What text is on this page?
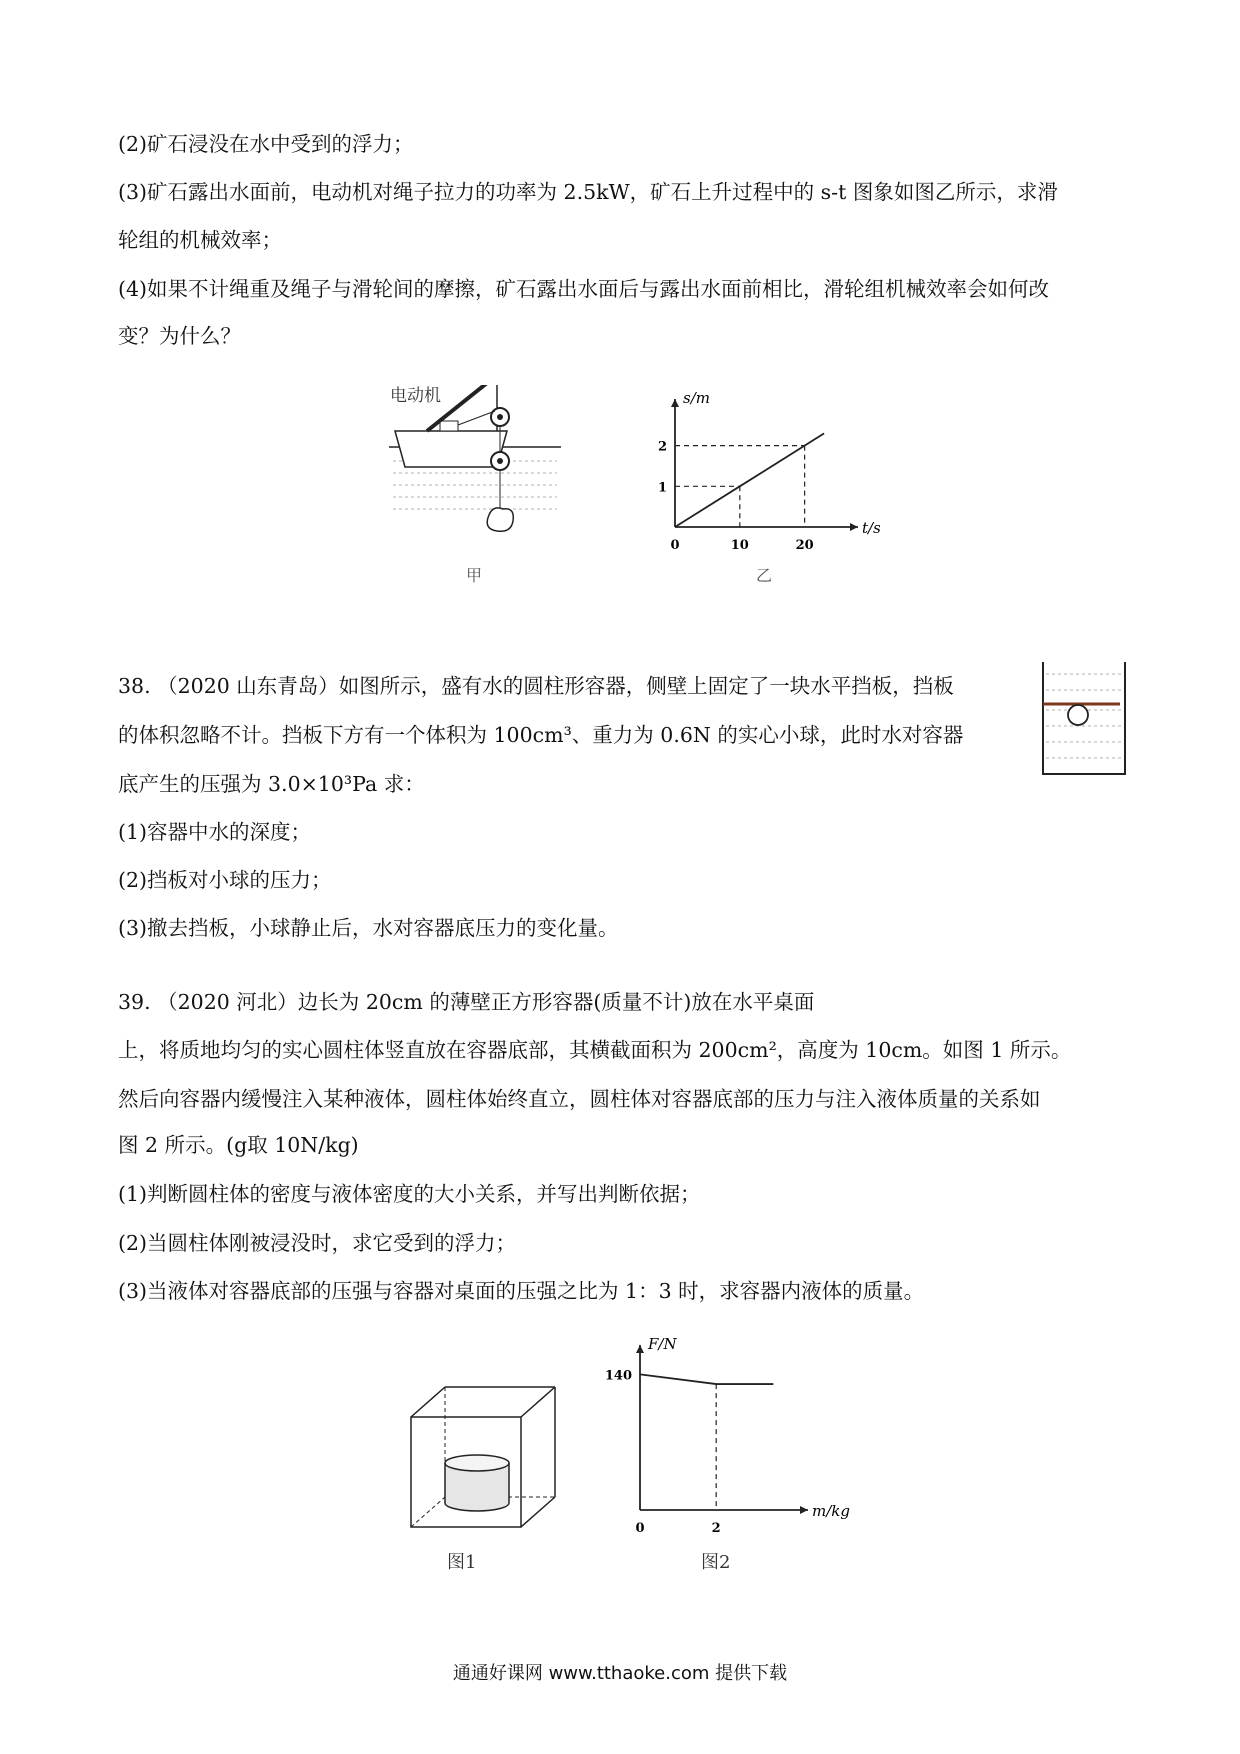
(2)矿石浸没在水中受到的浮力；
(3)矿石露出水面前，电动机对绳子拉力的功率为 2.5kW，矿石上升过程中的 s-t 图象如图乙所示，求滑
轮组的机械效率；
(4)如果不计绳重及绳子与滑轮间的摩擦，矿石露出水面后与露出水面前相比，滑轮组机械效率会如何改
变？为什么？
电动机
甲
s/m
t/s
0	10	20
1
2
乙
38. （2020 山东青岛）如图所示，盛有水的圆柱形容器，侧壁上固定了一块水平挡板，挡板
的体积忽略不计。挡板下方有一个体积为 100cm³、重力为 0.6N 的实心小球，此时水对容器
底产生的压强为 3.0×10³Pa 求：
(1)容器中水的深度；
(2)挡板对小球的压力；
(3)撤去挡板，小球静止后，水对容器底压力的变化量。
39. （2020 河北）边长为 20cm 的薄壁正方形容器(质量不计)放在水平桌面
上，将质地均匀的实心圆柱体竖直放在容器底部，其横截面积为 200cm²，高度为 10cm。如图 1 所示。
然后向容器内缓慢注入某种液体，圆柱体始终直立，圆柱体对容器底部的压力与注入液体质量的关系如
图 2 所示。(g取 10N/kg)
(1)判断圆柱体的密度与液体密度的大小关系，并写出判断依据；
(2)当圆柱体刚被浸没时，求它受到的浮力；
(3)当液体对容器底部的压强与容器对桌面的压强之比为 1：3 时，求容器内液体的质量。
图1
F/N
m/kg
0	2
140
图2
通通好课网 www.tthaoke.com 提供下载
